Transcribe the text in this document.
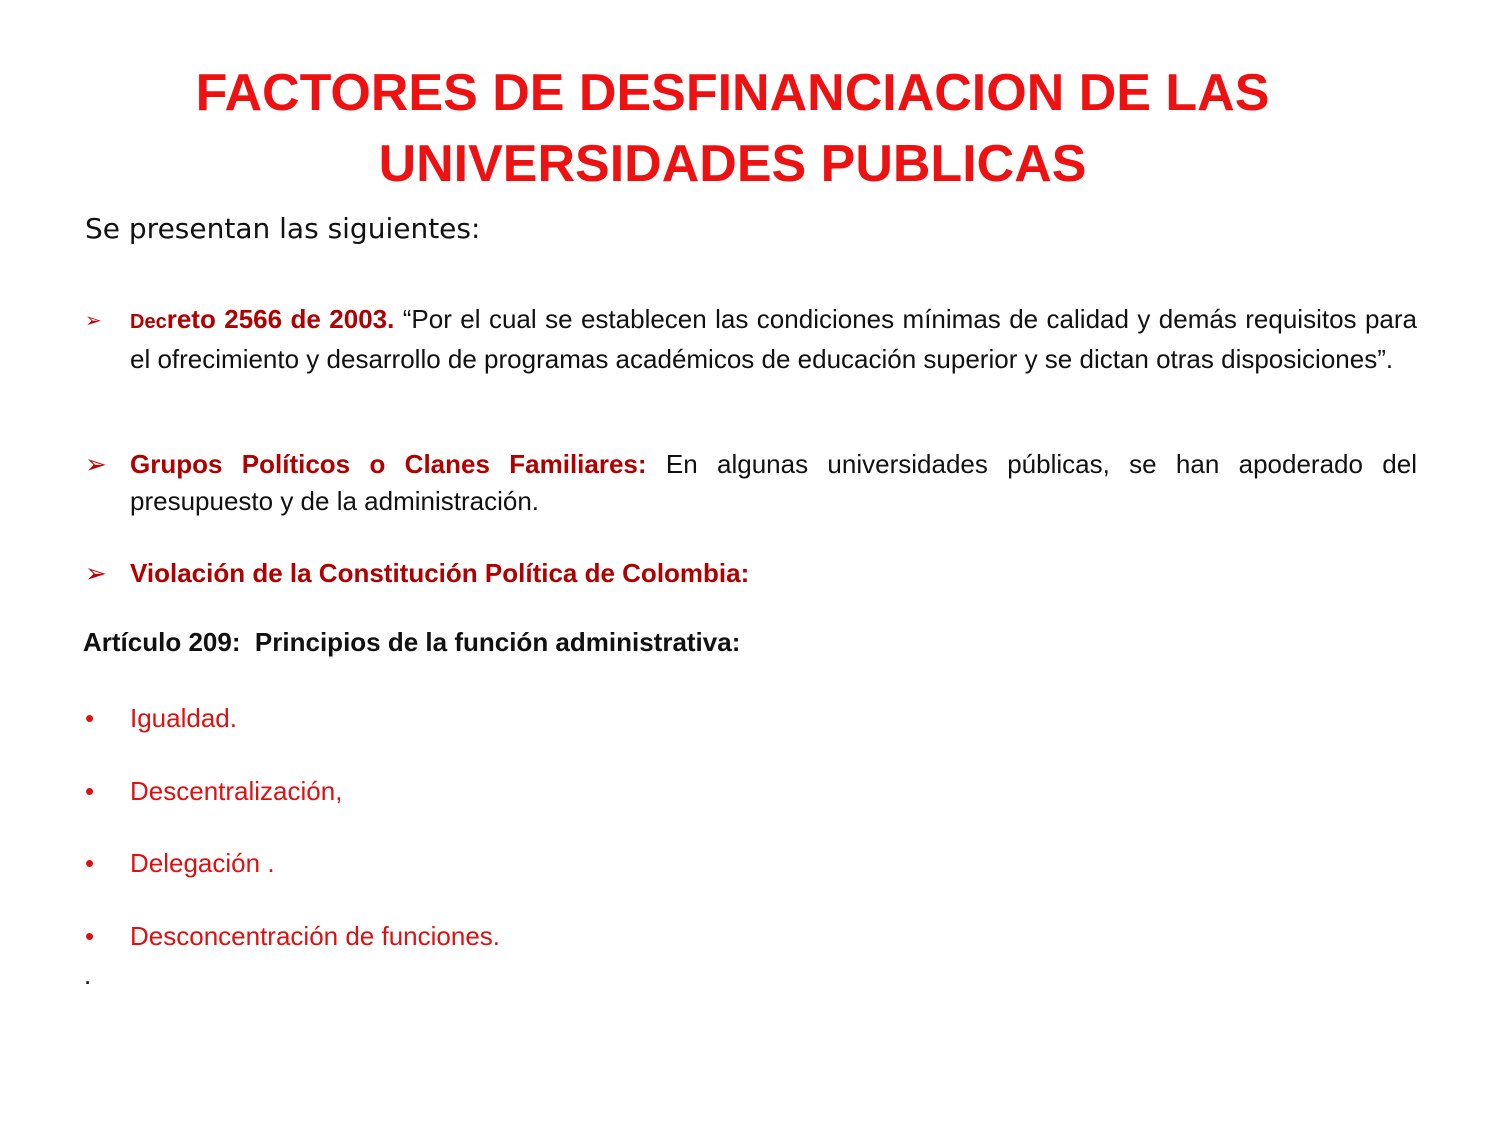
FACTORES DE DESFINANCIACION DE LAS
UNIVERSIDADES PUBLICAS

Se presentan las siguientes:

➢	Decreto 2566 de 2003. “Por el cual se establecen las condiciones mínimas de calidad y demás requisitos para el ofrecimiento y desarrollo de programas académicos de educación superior y se dictan otras disposiciones”.
➢ Grupos Políticos o Clanes Familiares: En algunas universidades públicas, se han apoderado del presupuesto y de la administración.
➢ Violación de la Constitución Política de Colombia:

Artículo 209:  Principios de la función administrativa:

• Igualdad.
• Descentralización,
• Delegación .
• Desconcentración de funciones.
.
